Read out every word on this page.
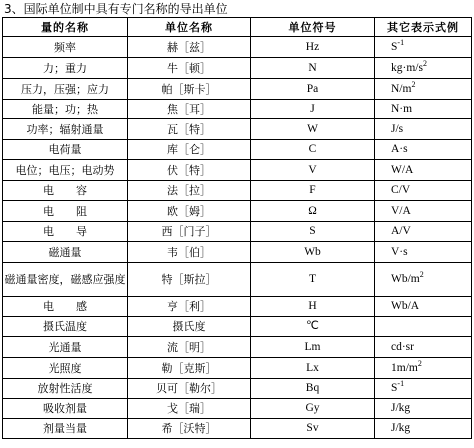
3、国际单位制中具有专门名称的导出单位
量的名称	单位名称	单位符号	其它表示式例
频率	赫［兹］	Hz	$S^{-1}$
力；重力	牛［顿］	N	$kg\cdot m/s^2$
压力，压强；应力	帕［斯卡］	Pa	$N/m^2$
能量；功；热	焦［耳］	J	N·m
功率；辐射通量	瓦［特］	W	J/s
电荷量	库［仑］	C	A·s
电位；电压；电动势	伏［特］	V	W/A
电　　容	法［拉］	F	C/V
电　　阻	欧［姆］	Ω	V/A
电　　导	西［门子］	S	A/V
磁通量	韦［伯］	Wb	V·s
磁通量密度，磁感应强度	特［斯拉］	T	$Wb/m^2$
电　　感	亨［利］	H	Wb/A
摄氏温度	摄氏度	℃	
光通量	流［明］	Lm	cd·sr
光照度	勒［克斯］	Lx	$1m/m^2$
放射性活度	贝可［勒尔］	Bq	$S^{-1}$
吸收剂量	戈［瑞］	Gy	J/kg
剂量当量	希［沃特］	Sv	J/kg
